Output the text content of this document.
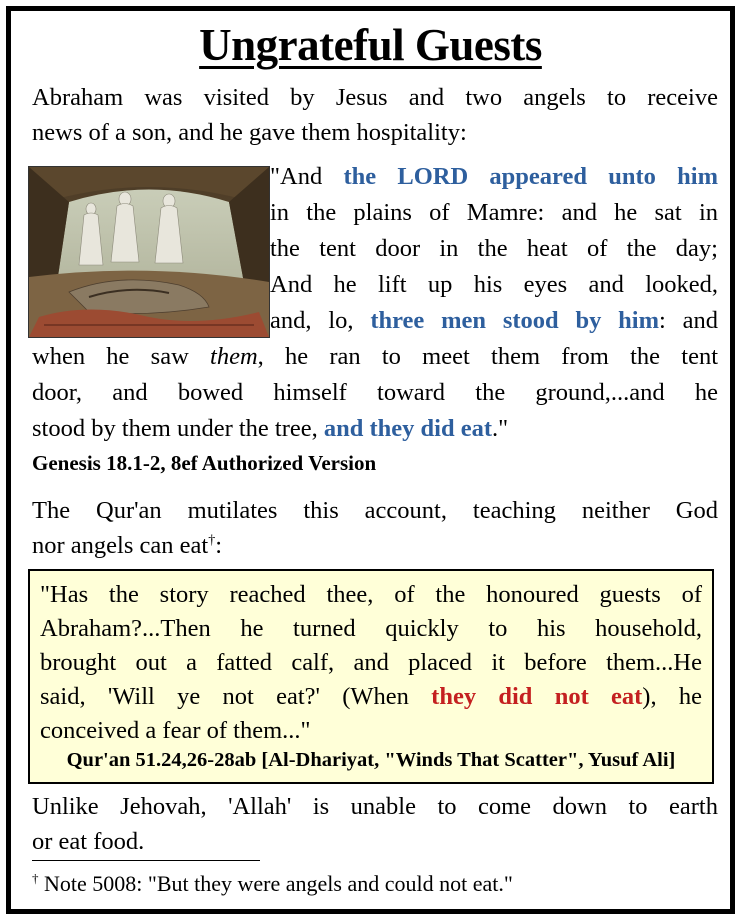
Ungrateful Guests
Abraham was visited by Jesus and two angels to receive
news of a son, and he gave them hospitality:
"And the LORD appeared unto him
in the plains of Mamre: and he sat in
the tent door in the heat of the day;
And he lift up his eyes and looked,
and, lo, three men stood by him: and
when he saw them, he ran to meet them from the tent
door, and bowed himself toward the ground,...and he
stood by them under the tree, and they did eat."
Genesis 18.1-2, 8ef Authorized Version
The Qur'an mutilates this account, teaching neither God
nor angels can eat†:
"Has the story reached thee, of the honoured guests of
Abraham?...Then he turned quickly to his household,
brought out a fatted calf, and placed it before them...He
said, 'Will ye not eat?' (When they did not eat), he
conceived a fear of them..."
Qur'an 51.24,26-28ab [Al-Dhariyat, "Winds That Scatter", Yusuf Ali]
Unlike Jehovah, 'Allah' is unable to come down to earth
or eat food.
† Note 5008: "But they were angels and could not eat."
